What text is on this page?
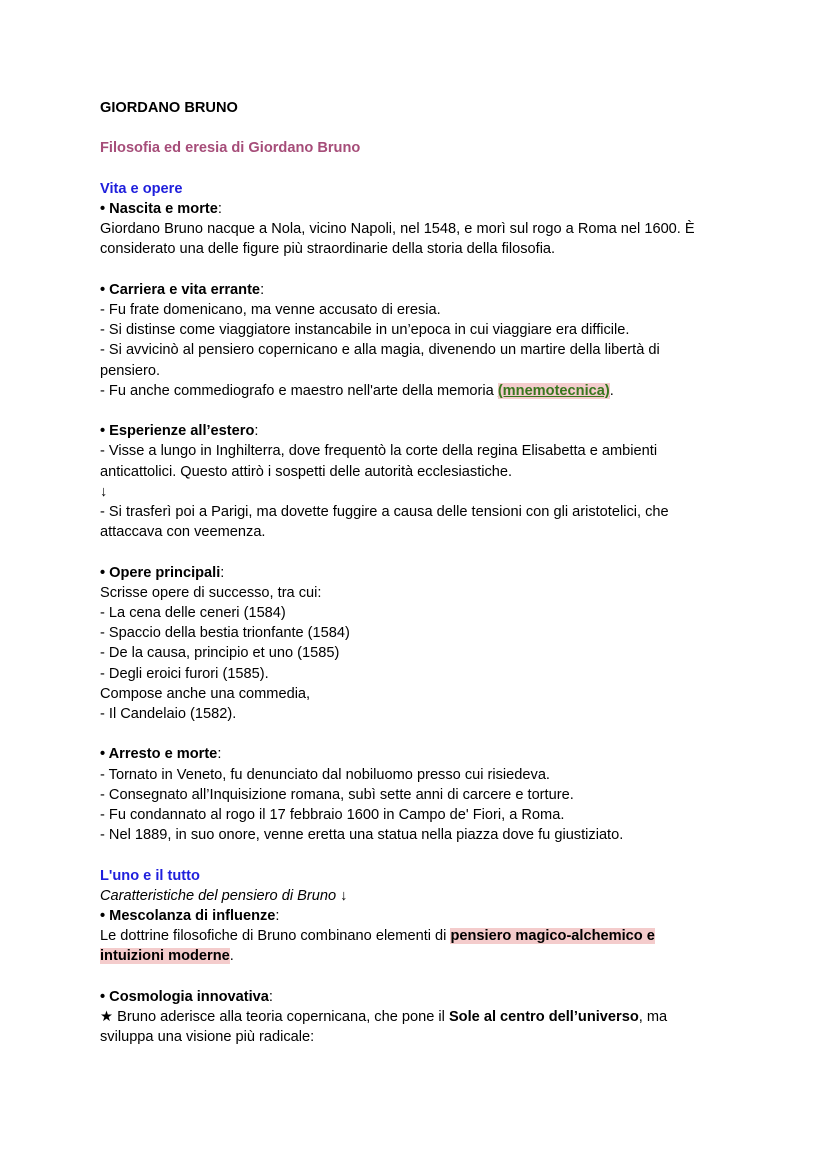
GIORDANO BRUNO
Filosofia ed eresia di Giordano Bruno
Vita e opere
• Nascita e morte:
Giordano Bruno nacque a Nola, vicino Napoli, nel 1548, e morì sul rogo a Roma nel 1600. È
considerato una delle figure più straordinarie della storia della filosofia.
• Carriera e vita errante:
- Fu frate domenicano, ma venne accusato di eresia.
- Si distinse come viaggiatore instancabile in un’epoca in cui viaggiare era difficile.
- Si avvicinò al pensiero copernicano e alla magia, divenendo un martire della libertà di
pensiero.
- Fu anche commediografo e maestro nell'arte della memoria (mnemotecnica).
• Esperienze all’estero:
- Visse a lungo in Inghilterra, dove frequentò la corte della regina Elisabetta e ambienti
anticattolici. Questo attirò i sospetti delle autorità ecclesiastiche.
↓
- Si trasferì poi a Parigi, ma dovette fuggire a causa delle tensioni con gli aristotelici, che
attaccava con veemenza.
• Opere principali:
Scrisse opere di successo, tra cui:
- La cena delle ceneri (1584)
- Spaccio della bestia trionfante (1584)
- De la causa, principio et uno (1585)
- Degli eroici furori (1585).
Compose anche una commedia,
- Il Candelaio (1582).
• Arresto e morte:
- Tornato in Veneto, fu denunciato dal nobiluomo presso cui risiedeva.
- Consegnato all’Inquisizione romana, subì sette anni di carcere e torture.
- Fu condannato al rogo il 17 febbraio 1600 in Campo de' Fiori, a Roma.
- Nel 1889, in suo onore, venne eretta una statua nella piazza dove fu giustiziato.
L'uno e il tutto
Caratteristiche del pensiero di Bruno ↓
• Mescolanza di influenze:
Le dottrine filosofiche di Bruno combinano elementi di pensiero magico-alchemico e
intuizioni moderne.
• Cosmologia innovativa:
★ Bruno aderisce alla teoria copernicana, che pone il Sole al centro dell’universo, ma
sviluppa una visione più radicale:
